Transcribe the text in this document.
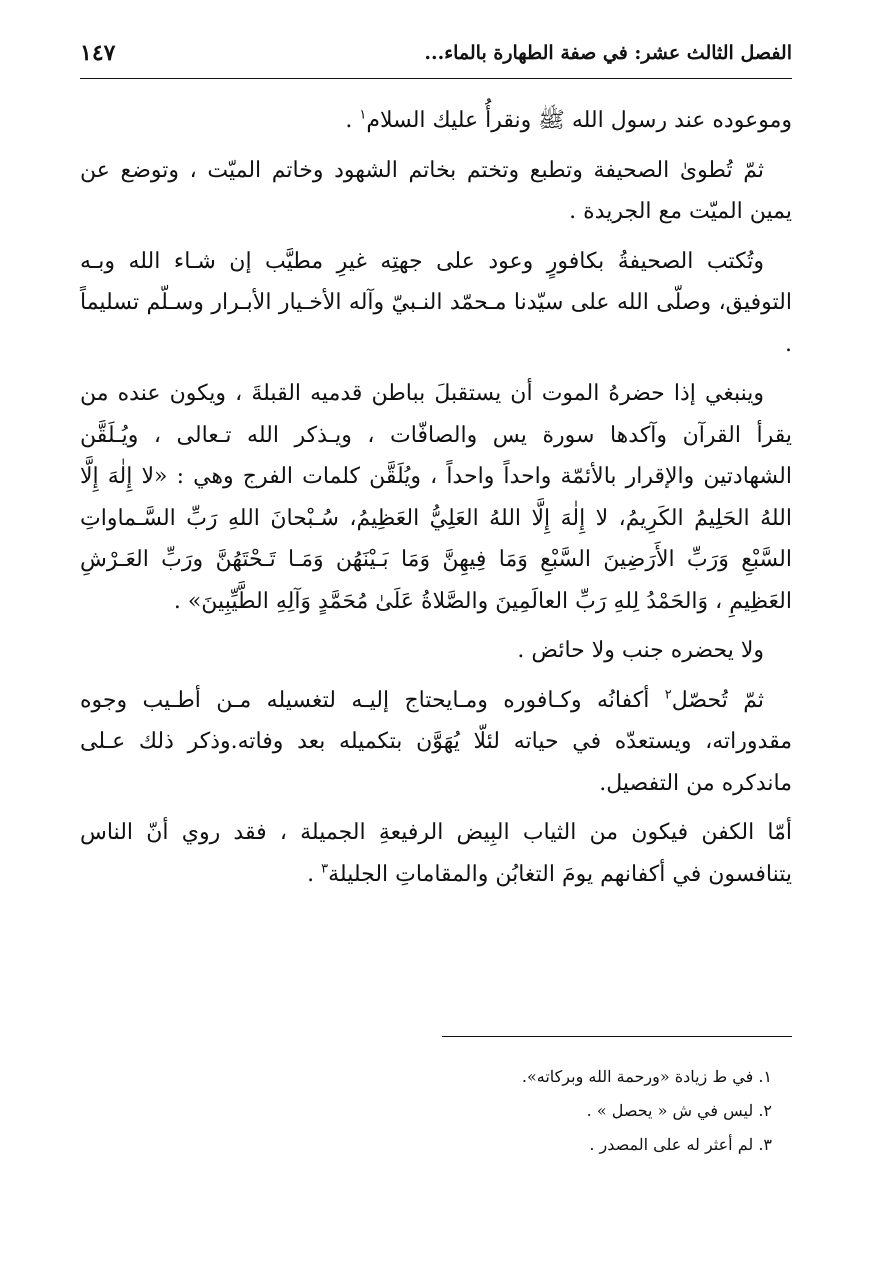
الفصل الثالث عشر: في صفة الطهارة بالماء...
١٤٧

وموعوده عند رسول الله ﷺ ونقرأُ عليك السلام$^١$ .

ثمّ تُطوىٰ الصحيفة وتطبع وتختم بخاتم الشهود وخاتم الميّت ، وتوضع عن يمين الميّت مع الجريدة .

وتُكتب الصحيفةُ بكافورٍ وعود على جهتِه غيرِ مطيَّب إن شـاء الله وبـه التوفيق، وصلّى الله على سيّدنا مـحمّد النـبيّ وآله الأخـيار الأبـرار وسـلّم تسليماً .

وينبغي إذا حضرهُ الموت أن يستقبلَ بباطن قدميه القبلةَ ، ويكون عنده من يقرأ القرآن وآكدها سورة يس والصافّات ، ويـذكر الله تـعالى ، ويُـلَقَّن الشهادتين والإقرار بالأئمّة واحداً واحداً ، ويُلَقَّن كلمات الفرج وهي : «لا إِلٰهَ إِلَّا اللهُ الحَلِيمُ الكَرِيمُ، لا إِلٰهَ إِلَّا اللهُ العَلِيُّ العَظِيمُ، سُـبْحانَ اللهِ رَبِّ السَّـماواتِ السَّبْعِ وَرَبِّ الأَرَضِينَ السَّبْعِ وَمَا فِيهِنَّ وَمَا بَـيْنَهُن وَمَـا تَـحْتَهُنَّ ورَبِّ العَـرْشِ العَظِيمِ ، وَالحَمْدُ لِلهِ رَبِّ العالَمِينَ والصَّلاةُ عَلَىٰ مُحَمَّدٍ وَآلِهِ الطَّيِّبِينَ» .

ولا يحضره جنب ولا حائض .

ثمّ تُحصّل$^٢$ أكفانُه وكـافوره ومـايحتاج إليـه لتغسيله مـن أطـيب وجوه مقدوراته، ويستعدّه في حياته لئلّا يُهَوَّن بتكميله بعد وفاته.وذكر ذلك عـلى ماندكره من التفصيل.

أمّا الكفن فيكون من الثياب البِيض الرفيعةِ الجميلة ، فقد روي أنّ الناس يتنافسون في أكفانهم يومَ التغابُن والمقاماتِ الجليلة$^٣$ .

١. في ط زيادة «ورحمة الله وبركاته».

٢. ليس في ش « يحصل » .

٣. لم أعثر له على المصدر .
